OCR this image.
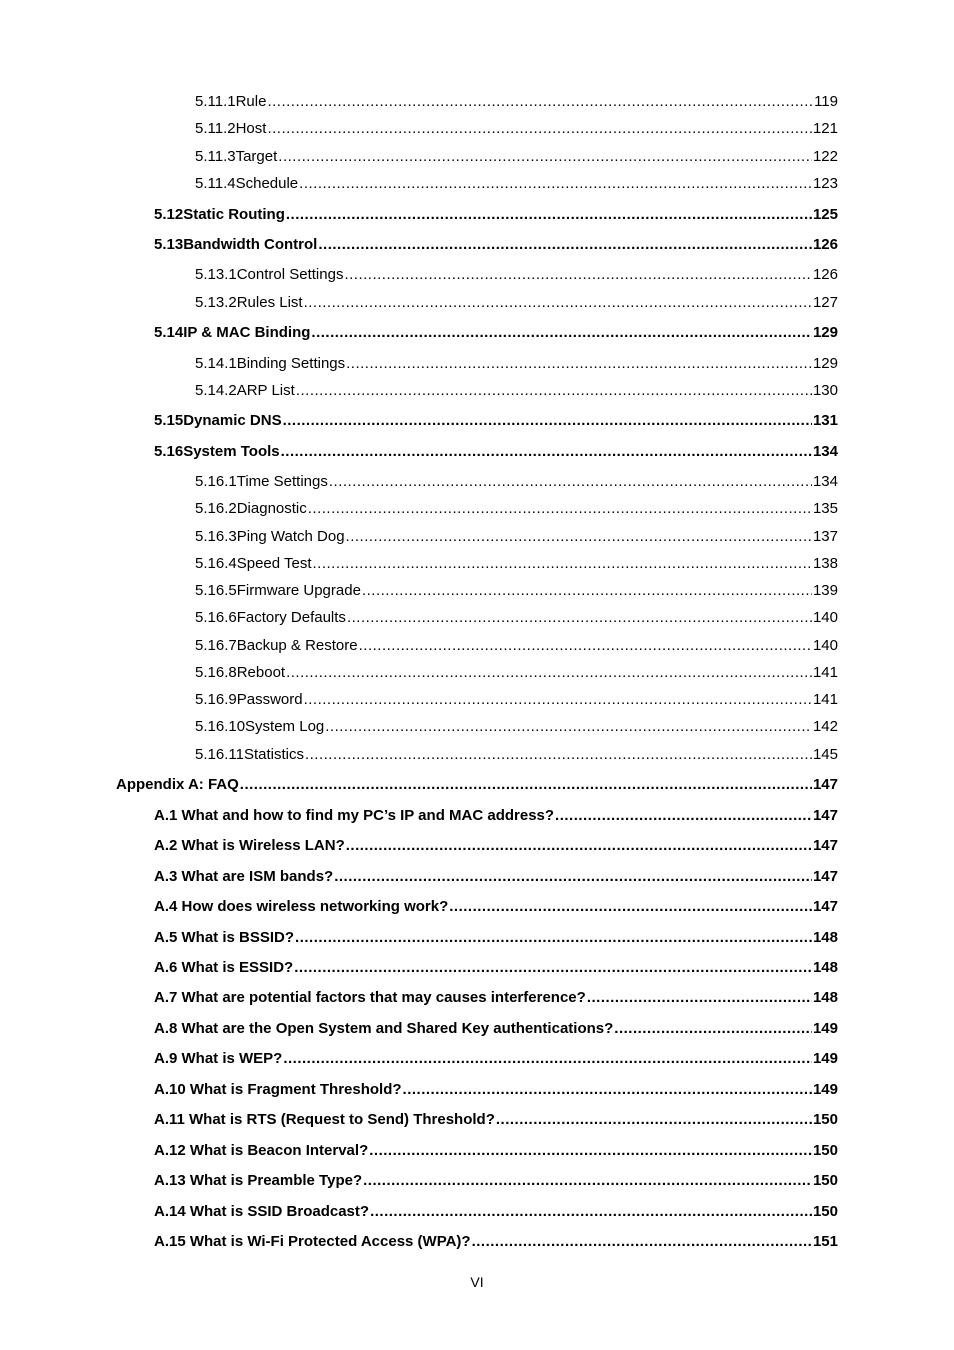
5.11.1 Rule .....	119
5.11.2 Host .....	121
5.11.3 Target .....	122
5.11.4 Schedule .....	123
5.12 Static Routing .....	125
5.13 Bandwidth Control .....	126
5.13.1 Control Settings .....	126
5.13.2 Rules List .....	127
5.14 IP & MAC Binding .....	129
5.14.1 Binding Settings .....	129
5.14.2 ARP List .....	130
5.15 Dynamic DNS .....	131
5.16 System Tools .....	134
5.16.1 Time Settings .....	134
5.16.2 Diagnostic .....	135
5.16.3 Ping Watch Dog .....	137
5.16.4 Speed Test .....	138
5.16.5 Firmware Upgrade .....	139
5.16.6 Factory Defaults .....	140
5.16.7 Backup & Restore .....	140
5.16.8 Reboot .....	141
5.16.9 Password .....	141
5.16.10 System Log .....	142
5.16.11 Statistics .....	145
Appendix A: FAQ .....	147
A.1 What and how to find my PC’s IP and MAC address? .....	147
A.2 What is Wireless LAN? .....	147
A.3 What are ISM bands? .....	147
A.4 How does wireless networking work? .....	147
A.5 What is BSSID? .....	148
A.6 What is ESSID? .....	148
A.7 What are potential factors that may causes interference? .....	148
A.8 What are the Open System and Shared Key authentications? .....	149
A.9 What is WEP? .....	149
A.10 What is Fragment Threshold? .....	149
A.11 What is RTS (Request to Send) Threshold? .....	150
A.12 What is Beacon Interval? .....	150
A.13 What is Preamble Type? .....	150
A.14 What is SSID Broadcast? .....	150
A.15 What is Wi-Fi Protected Access (WPA)? .....	151
VI
